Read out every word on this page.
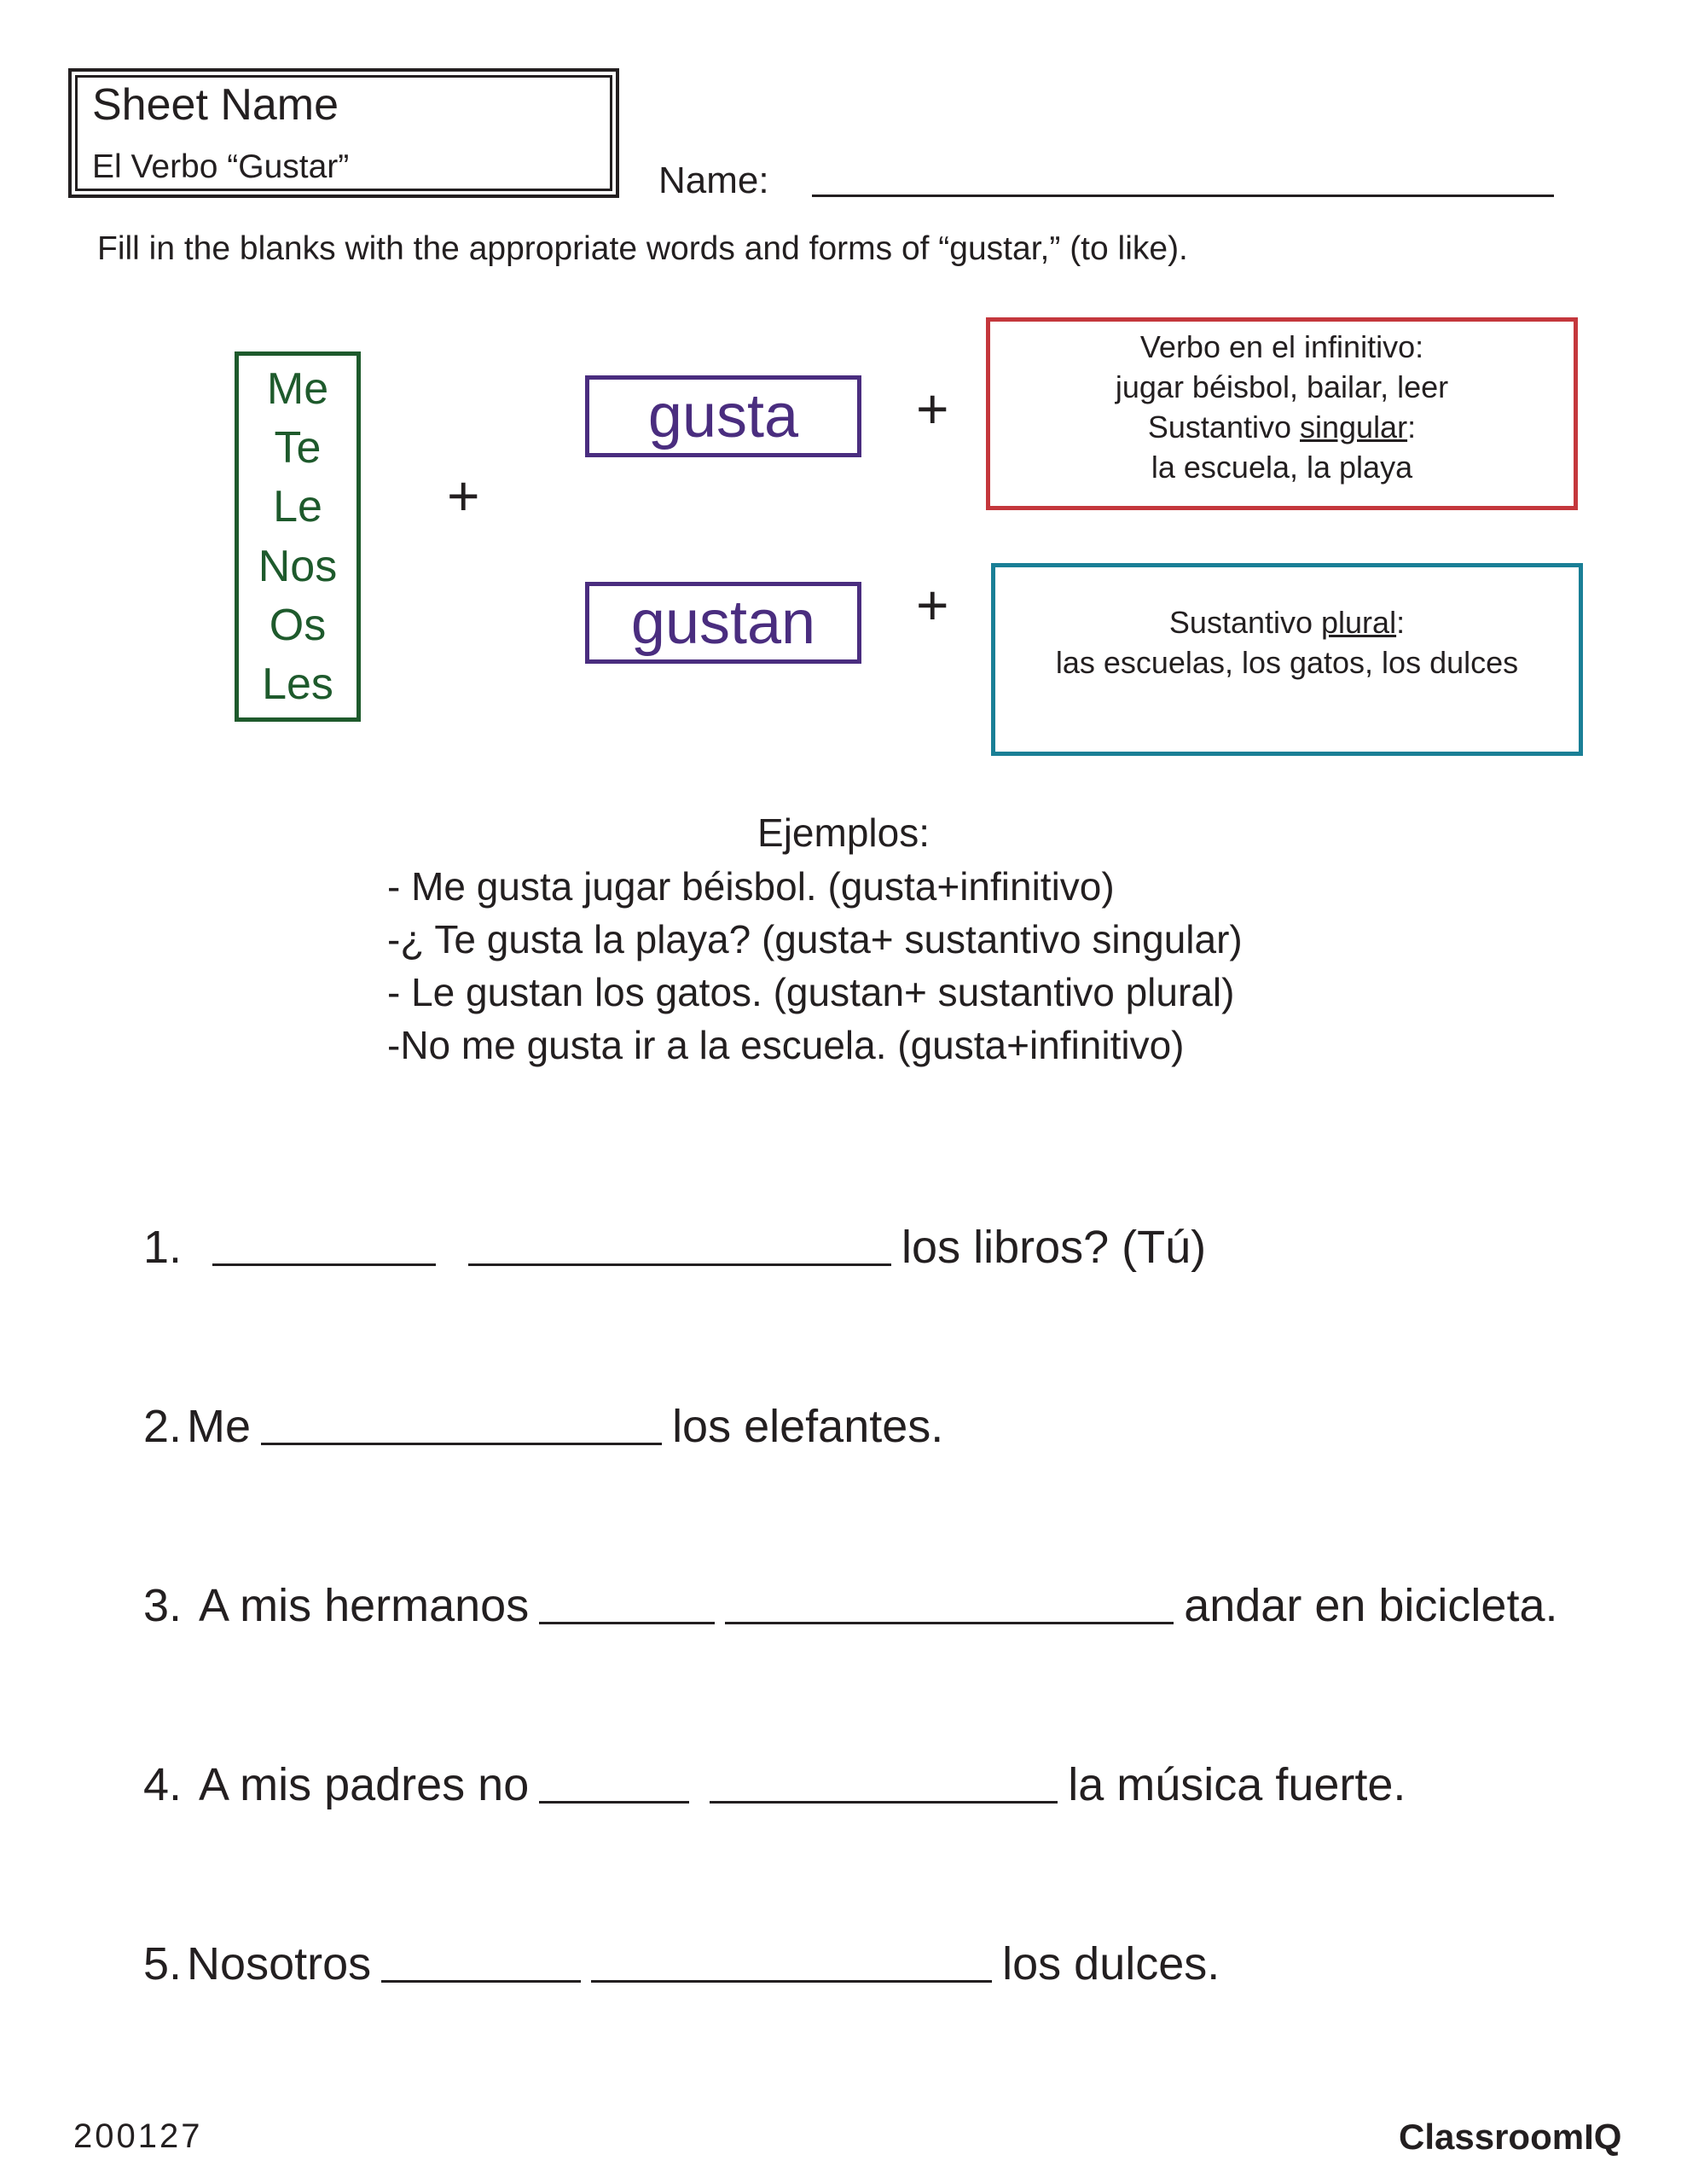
Sheet Name
El Verbo “Gustar”	Name:
Fill in the blanks with the appropriate words and forms of “gustar,” (to like).
Me
Te
Le
Nos
Os
Les
+
gusta
gustan
+
+
Verbo en el infinitivo:
jugar béisbol, bailar, leer
Sustantivo singular:
la escuela, la playa
Sustantivo plural:
las escuelas, los gatos, los dulces
Ejemplos:
- Me gusta jugar béisbol. (gusta+infinitivo)
-¿ Te gusta la playa? (gusta+ sustantivo singular)
- Le gustan los gatos. (gustan+ sustantivo plural)
-No me gusta ir a la escuela. (gusta+infinitivo)
1.	los libros? (Tú)
2. Me	los elefantes.
3. A mis hermanos	andar en bicicleta.
4. A mis padres no	la música fuerte.
5. Nosotros	los dulces.
200127	ClassroomIQ
